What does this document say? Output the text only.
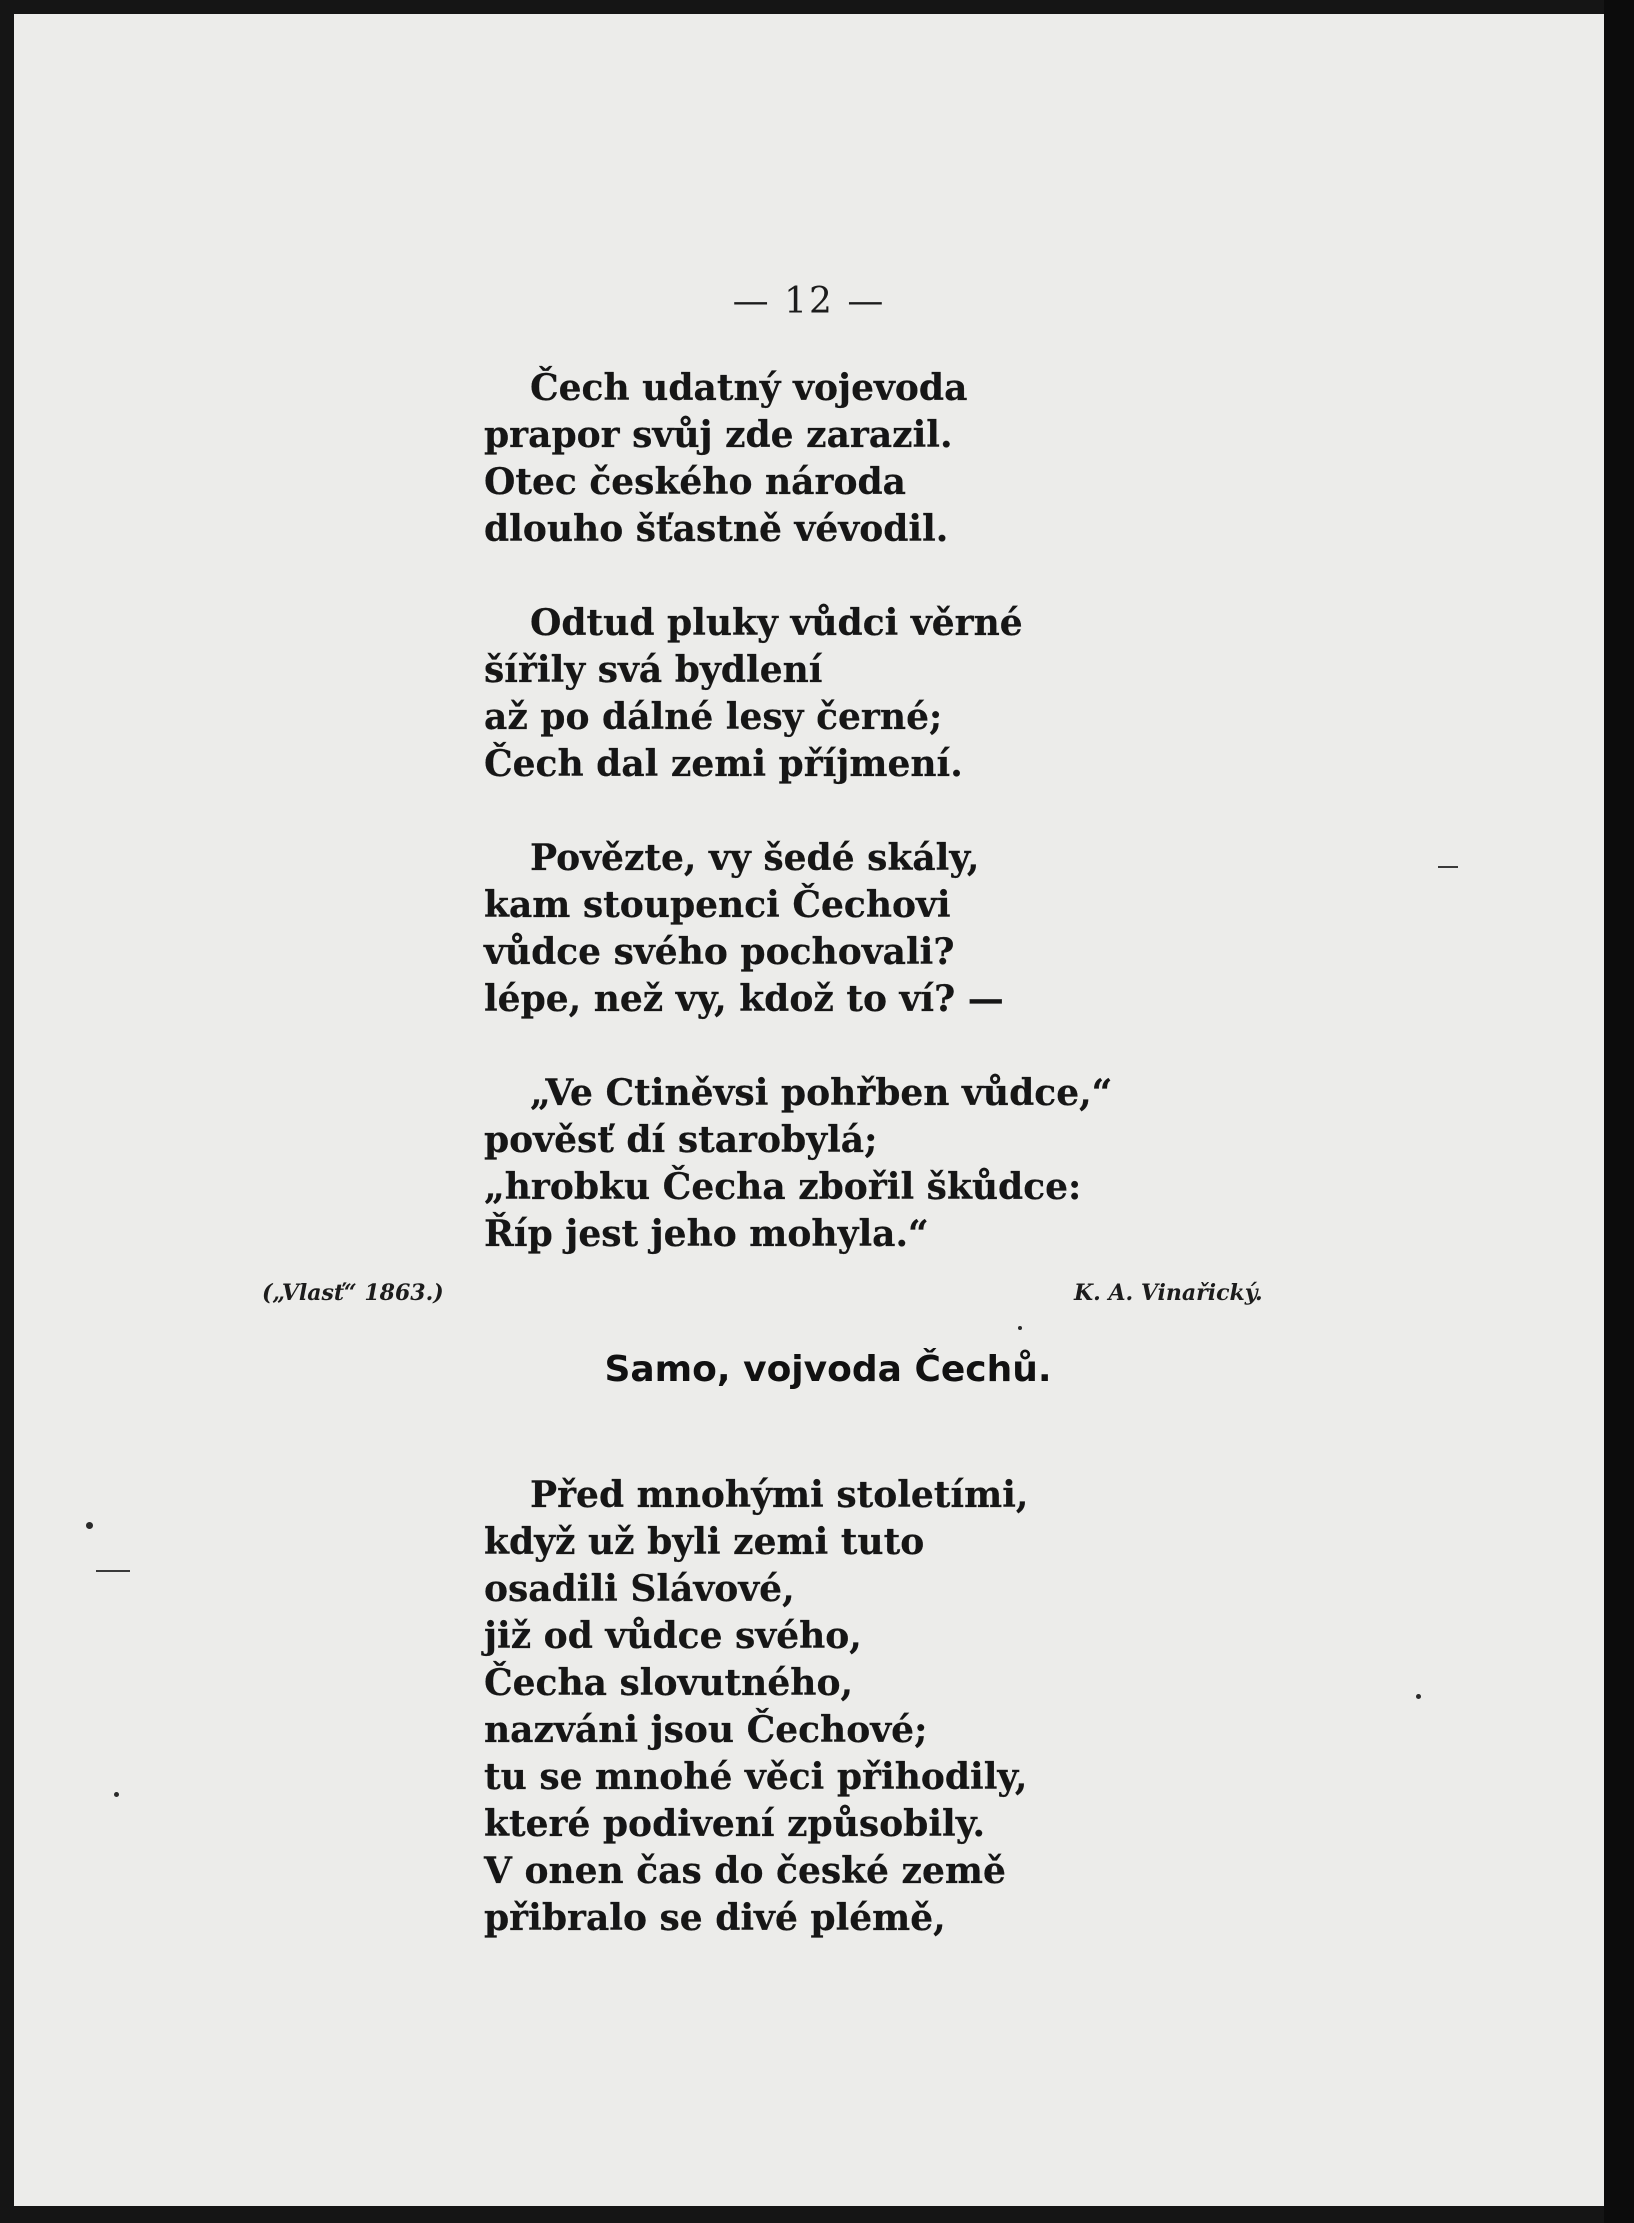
— 12 —

Čech udatný vojevoda
prapor svůj zde zarazil.
Otec českého národa
dlouho šťastně vévodil.

Odtud pluky vůdci věrné
šířily svá bydlení
až po dálné lesy černé;
Čech dal zemi příjmení.

Povězte, vy šedé skály,
kam stoupenci Čechovi
vůdce svého pochovali?
lépe, než vy, kdož to ví? —

„Ve Ctiněvsi pohřben vůdce,“
pověsť dí starobylá;
„hrobku Čecha zbořil škůdce:
Říp jest jeho mohyla.“

(„Vlasť“ 1863.)	K. A. Vinařický.
Samo, vojvoda Čechů.

Před mnohými stoletími,
když už byli zemi tuto
osadili Slávové,
již od vůdce svého,
Čecha slovutného,
nazváni jsou Čechové;
tu se mnohé věci přihodily,
které podivení způsobily.
V onen čas do české země
přibralo se divé plémě,
